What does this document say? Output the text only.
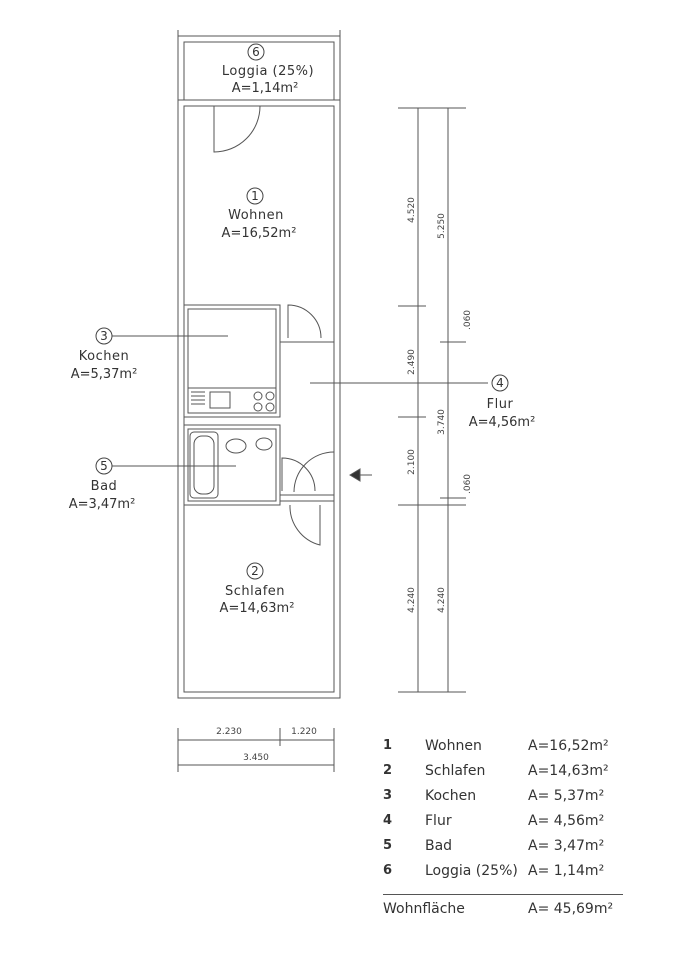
6
Loggia (25%)
A=1,14m²
1
Wohnen
A=16,52m²
3
Kochen
A=5,37m²
4
Flur
A=4,56m²
5
Bad
A=3,47m²
2
Schlafen
A=14,63m²
4.520
2.490
2.100
4.240
5.250
3.740
4.240
.060
.060
2.230	1.220
3.450
1 Wohnen	A=16,52m²
2 Schlafen	A=14,63m²
3 Kochen	A= 5,37m²
4 Flur	A= 4,56m²
5 Bad	A= 3,47m²
6 Loggia (25%) A= 1,14m²
Wohnfläche	A= 45,69m²
